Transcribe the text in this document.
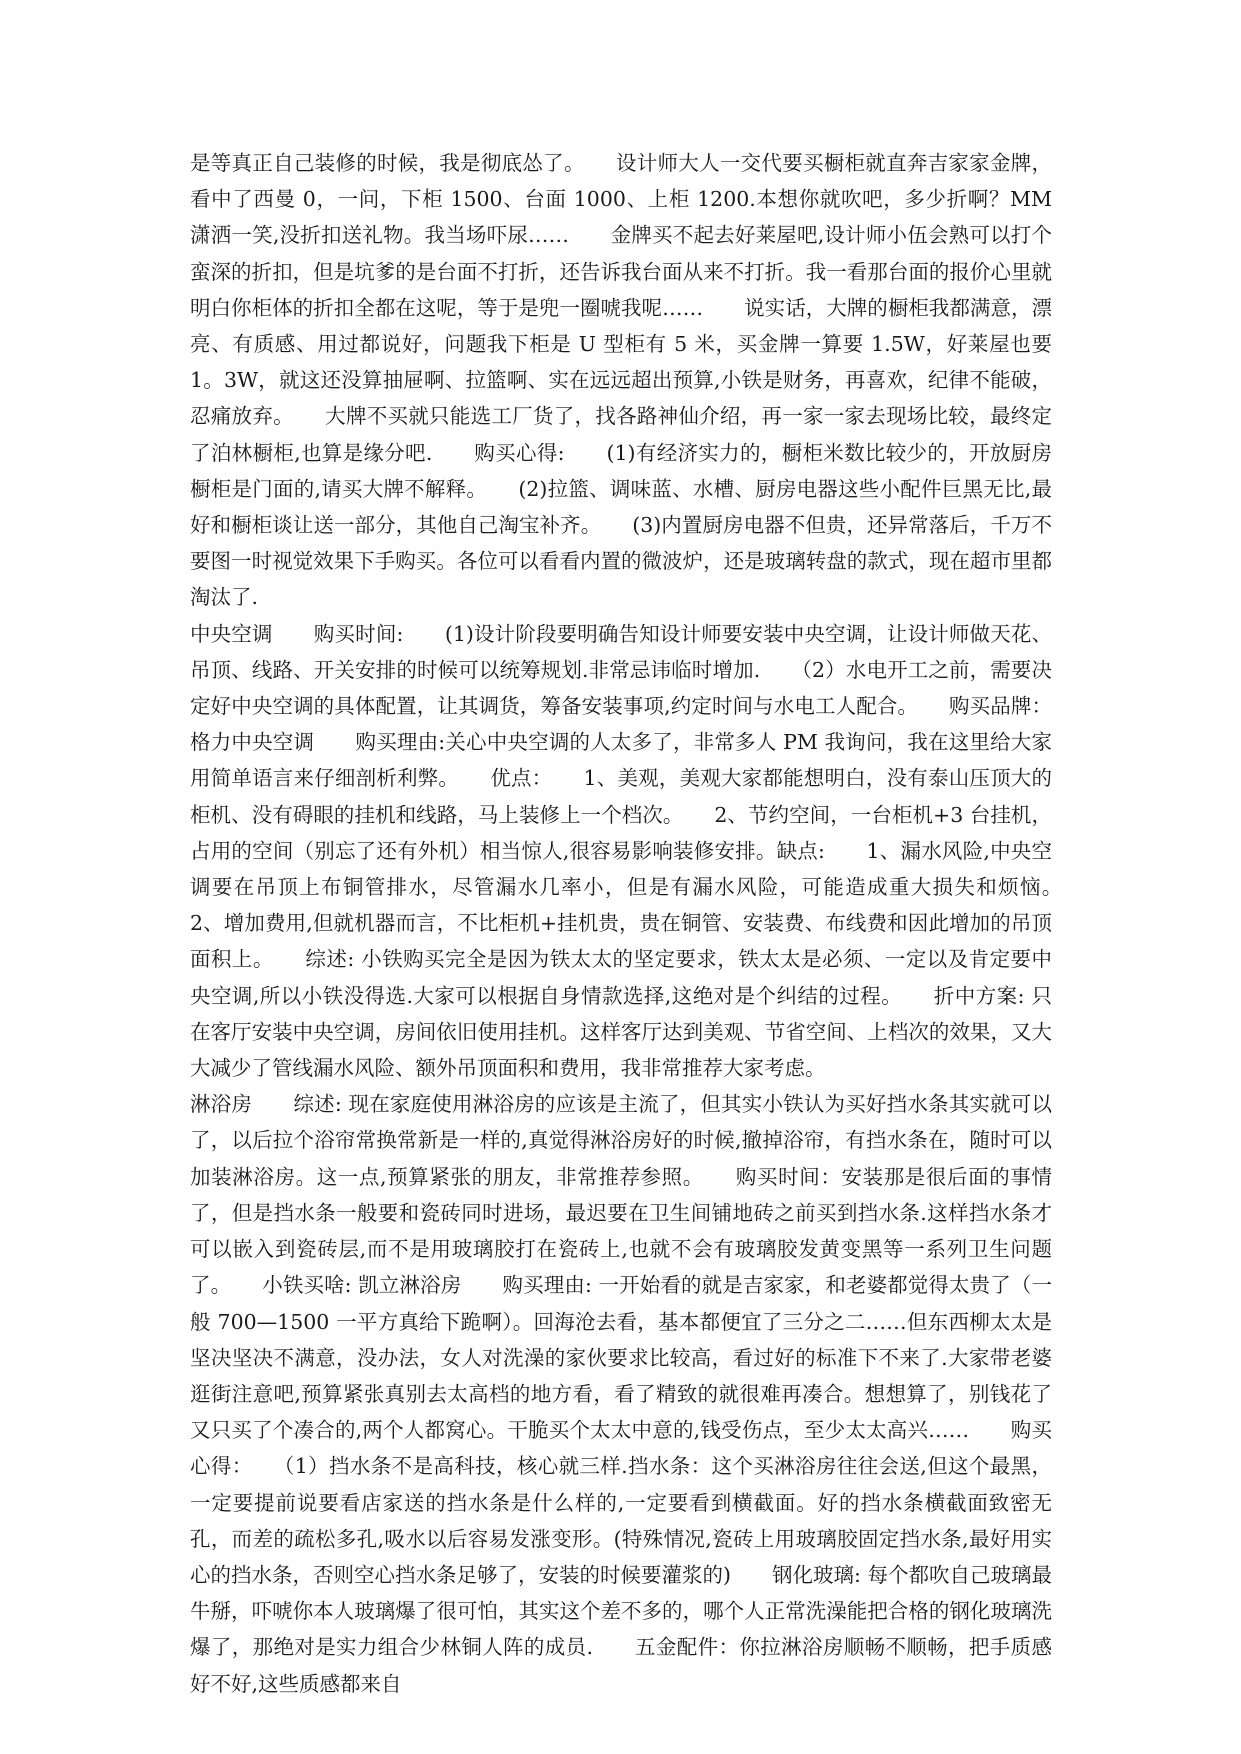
是等真正自己装修的时候，我是彻底怂了。　　设计师大人一交代要买橱柜就直奔吉家家金牌，看中了西曼 0，一问，下柜 1500、台面 1000、上柜 1200.本想你就吹吧，多少折啊？MM 潇洒一笑,没折扣送礼物。我当场吓尿……　　金牌买不起去好莱屋吧,设计师小伍会熟可以打个蛮深的折扣，但是坑爹的是台面不打折，还告诉我台面从来不打折。我一看那台面的报价心里就明白你柜体的折扣全都在这呢，等于是兜一圈唬我呢……　　说实话，大牌的橱柜我都满意，漂亮、有质感、用过都说好，问题我下柜是 U 型柜有 5 米，买金牌一算要 1.5W，好莱屋也要 1。3W，就这还没算抽屉啊、拉篮啊、实在远远超出预算,小铁是财务，再喜欢，纪律不能破，忍痛放弃。　　大牌不买就只能选工厂货了，找各路神仙介绍，再一家一家去现场比较，最终定了泊林橱柜,也算是缘分吧.　　购买心得:　　(1)有经济实力的，橱柜米数比较少的，开放厨房橱柜是门面的,请买大牌不解释。　　(2)拉篮、调味蓝、水槽、厨房电器这些小配件巨黑无比,最好和橱柜谈让送一部分，其他自己淘宝补齐。　　(3)内置厨房电器不但贵，还异常落后，千万不要图一时视觉效果下手购买。各位可以看看内置的微波炉，还是玻璃转盘的款式，现在超市里都淘汰了.

中央空调　　购买时间:　　(1)设计阶段要明确告知设计师要安装中央空调，让设计师做天花、吊顶、线路、开关安排的时候可以统筹规划.非常忌讳临时增加.　　（2）水电开工之前，需要决定好中央空调的具体配置，让其调货，筹备安装事项,约定时间与水电工人配合。　　购买品牌：格力中央空调　　购买理由:关心中央空调的人太多了，非常多人 PM 我询问，我在这里给大家用简单语言来仔细剖析利弊。　　优点：　　1、美观，美观大家都能想明白，没有泰山压顶大的柜机、没有碍眼的挂机和线路，马上装修上一个档次。　　2、节约空间，一台柜机+3 台挂机，占用的空间（别忘了还有外机）相当惊人,很容易影响装修安排。缺点:　　1、漏水风险,中央空调要在吊顶上布铜管排水，尽管漏水几率小，但是有漏水风险，可能造成重大损失和烦恼。　　2、增加费用,但就机器而言，不比柜机+挂机贵，贵在铜管、安装费、布线费和因此增加的吊顶面积上。　　综述: 小铁购买完全是因为铁太太的坚定要求，铁太太是必须、一定以及肯定要中央空调,所以小铁没得选.大家可以根据自身情款选择,这绝对是个纠结的过程。　　折中方案: 只在客厅安装中央空调，房间依旧使用挂机。这样客厅达到美观、节省空间、上档次的效果，又大大减少了管线漏水风险、额外吊顶面积和费用，我非常推荐大家考虑。

淋浴房　　综述: 现在家庭使用淋浴房的应该是主流了，但其实小铁认为买好挡水条其实就可以了，以后拉个浴帘常换常新是一样的,真觉得淋浴房好的时候,撤掉浴帘，有挡水条在，随时可以加装淋浴房。这一点,预算紧张的朋友，非常推荐参照。　　购买时间：安装那是很后面的事情了，但是挡水条一般要和瓷砖同时进场，最迟要在卫生间铺地砖之前买到挡水条.这样挡水条才可以嵌入到瓷砖层,而不是用玻璃胶打在瓷砖上,也就不会有玻璃胶发黄变黑等一系列卫生问题了。　　小铁买啥: 凯立淋浴房　　购买理由: 一开始看的就是吉家家，和老婆都觉得太贵了（一般 700—1500 一平方真给下跪啊）。回海沧去看，基本都便宜了三分之二……但东西柳太太是坚决坚决不满意，没办法，女人对洗澡的家伙要求比较高，看过好的标准下不来了.大家带老婆逛街注意吧,预算紧张真别去太高档的地方看，看了精致的就很难再凑合。想想算了，别钱花了又只买了个凑合的,两个人都窝心。干脆买个太太中意的,钱受伤点，至少太太高兴……　　购买心得：　　（1）挡水条不是高科技，核心就三样.挡水条：这个买淋浴房往往会送,但这个最黑，一定要提前说要看店家送的挡水条是什么样的,一定要看到横截面。好的挡水条横截面致密无孔，而差的疏松多孔,吸水以后容易发涨变形。(特殊情况,瓷砖上用玻璃胶固定挡水条,最好用实心的挡水条，否则空心挡水条足够了，安装的时候要灌浆的)　　钢化玻璃: 每个都吹自己玻璃最牛掰，吓唬你本人玻璃爆了很可怕，其实这个差不多的，哪个人正常洗澡能把合格的钢化玻璃洗爆了，那绝对是实力组合少林铜人阵的成员.　　五金配件：你拉淋浴房顺畅不顺畅，把手质感好不好,这些质感都来自
